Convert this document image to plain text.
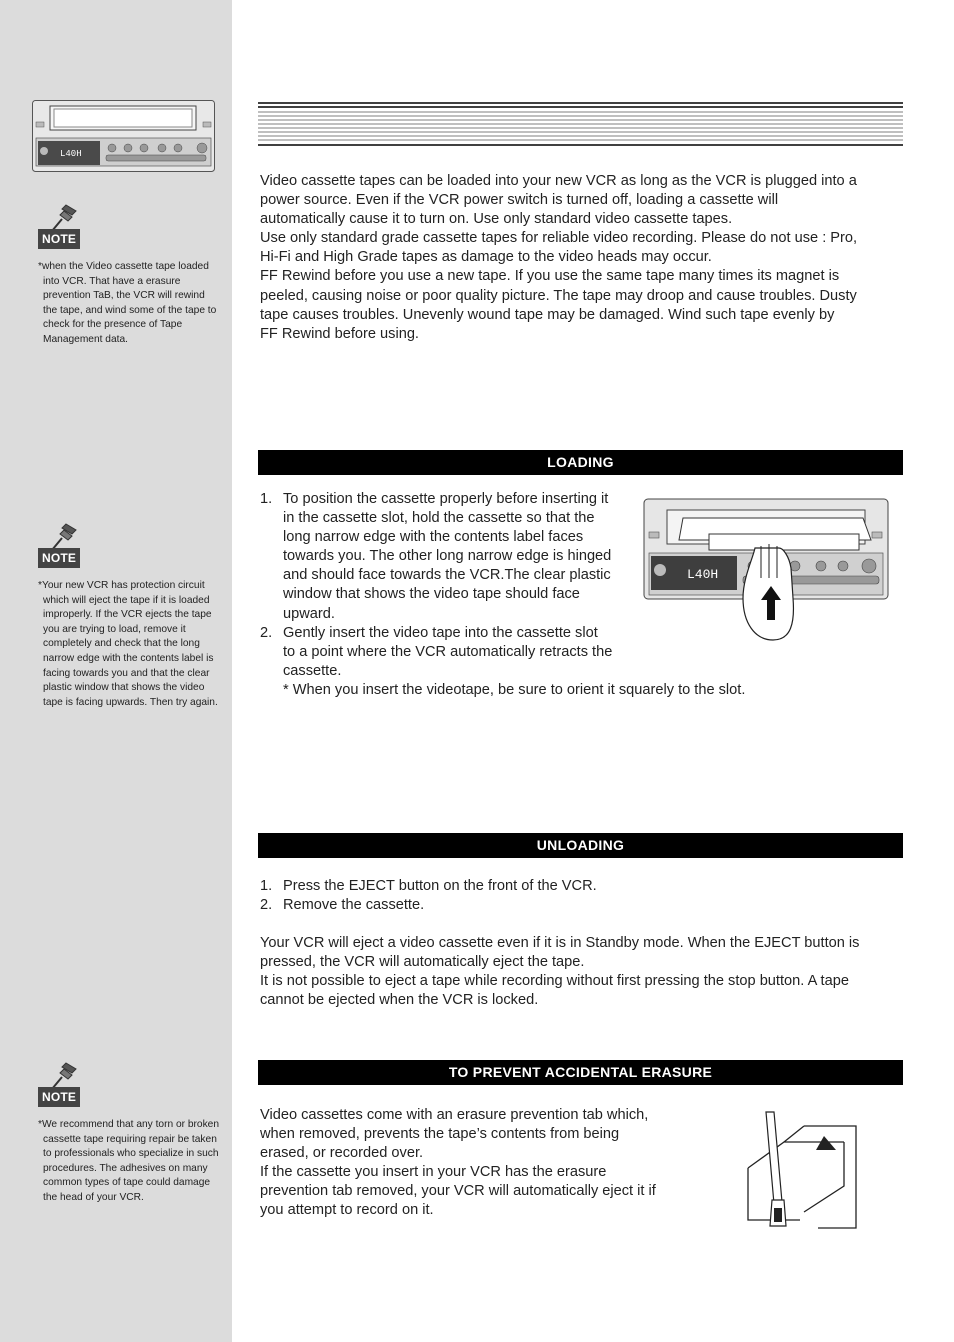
L40H
NOTE
*when the Video cassette tape loaded
into VCR. That have a erasure
prevention TaB, the VCR will rewind
the tape, and wind some of the tape to
check for the presence of Tape
Management data.
NOTE
*Your new VCR has protection circuit
which will eject the tape if it is loaded
improperly. If the VCR ejects the tape
you are trying to load, remove it
completely and check that the long
narrow edge with the contents label is
facing towards you and that the clear
plastic window that shows the video
tape is facing upwards. Then try again.
NOTE
*We recommend that any torn or broken
cassette tape requiring repair be taken
to professionals who specialize in such
procedures. The adhesives on many
common types of tape could damage
the head of your VCR.
Video cassette tapes can be loaded into your new VCR as long as the VCR is plugged into a
power source. Even if the VCR power switch is turned off, loading a cassette will
automatically cause it to turn on. Use only standard video cassette tapes.
Use only standard grade cassette tapes for reliable video recording. Please do not use : Pro,
Hi-Fi and High Grade tapes as damage to the video heads may occur.
FF Rewind before you use a new tape. If you use the same tape many times its magnet is
peeled, causing noise or poor quality picture. The tape may droop and cause troubles. Dusty
tape causes troubles. Unevenly wound tape may be damaged. Wind such tape evenly by
FF Rewind before using.
LOADING
1. To position the cassette properly before inserting it
in the cassette slot, hold the cassette so that the
long narrow edge with the contents label faces
towards you. The other long narrow edge is hinged
and should face towards the VCR.The clear plastic
window that shows the video tape should face
upward.
2. Gently insert the video tape into the cassette slot
to a point where the VCR automatically retracts the
cassette.
* When you insert the videotape, be sure to orient it squarely to the slot.
L40H
UNLOADING
1. Press the EJECT button on the front of the VCR.
2. Remove the cassette.
Your VCR will eject a video cassette even if it is in Standby mode. When the EJECT button is
pressed, the VCR will automatically eject the tape.
It is not possible to eject a tape while recording without first pressing the stop button. A tape
cannot be ejected when the VCR is locked.
TO PREVENT ACCIDENTAL ERASURE
Video cassettes come with an erasure prevention tab which,
when removed, prevents the tape’s contents from being
erased, or recorded over.
If the cassette you insert in your VCR has the erasure
prevention tab removed, your VCR will automatically eject it if
you attempt to record on it.
